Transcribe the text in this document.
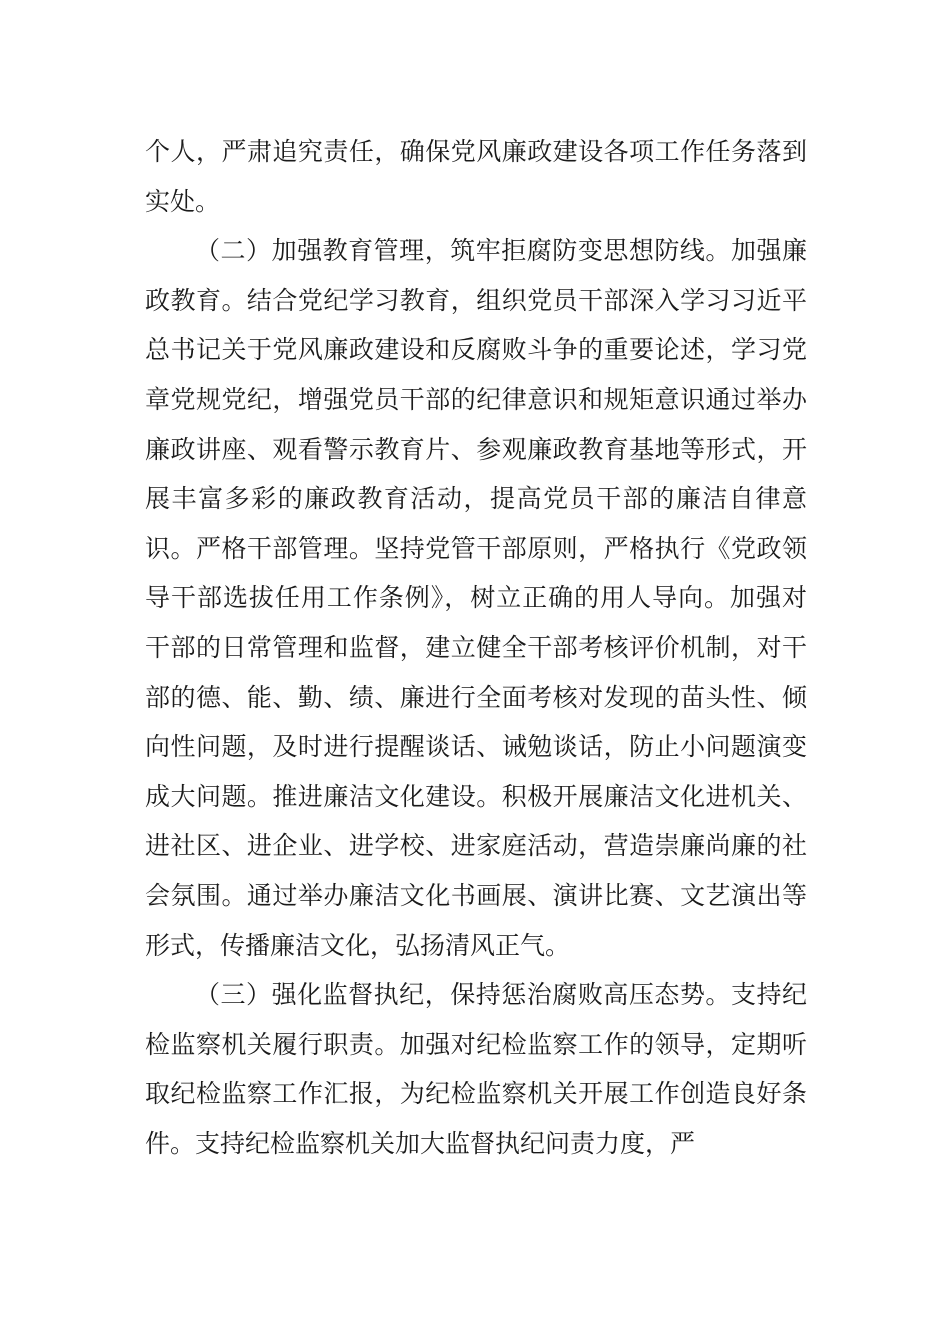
个人，严肃追究责任，确保党风廉政建设各项工作任务落到实处。

（二）加强教育管理，筑牢拒腐防变思想防线。加强廉政教育。结合党纪学习教育，组织党员干部深入学习习近平总书记关于党风廉政建设和反腐败斗争的重要论述，学习党章党规党纪，增强党员干部的纪律意识和规矩意识通过举办廉政讲座、观看警示教育片、参观廉政教育基地等形式，开展丰富多彩的廉政教育活动，提高党员干部的廉洁自律意识。严格干部管理。坚持党管干部原则，严格执行《党政领导干部选拔任用工作条例》，树立正确的用人导向。加强对干部的日常管理和监督，建立健全干部考核评价机制，对干部的德、能、勤、绩、廉进行全面考核对发现的苗头性、倾向性问题，及时进行提醒谈话、诫勉谈话，防止小问题演变成大问题。推进廉洁文化建设。积极开展廉洁文化进机关、进社区、进企业、进学校、进家庭活动，营造崇廉尚廉的社会氛围。通过举办廉洁文化书画展、演讲比赛、文艺演出等形式，传播廉洁文化，弘扬清风正气。

（三）强化监督执纪，保持惩治腐败高压态势。支持纪检监察机关履行职责。加强对纪检监察工作的领导，定期听取纪检监察工作汇报，为纪检监察机关开展工作创造良好条件。支持纪检监察机关加大监督执纪问责力度，严
